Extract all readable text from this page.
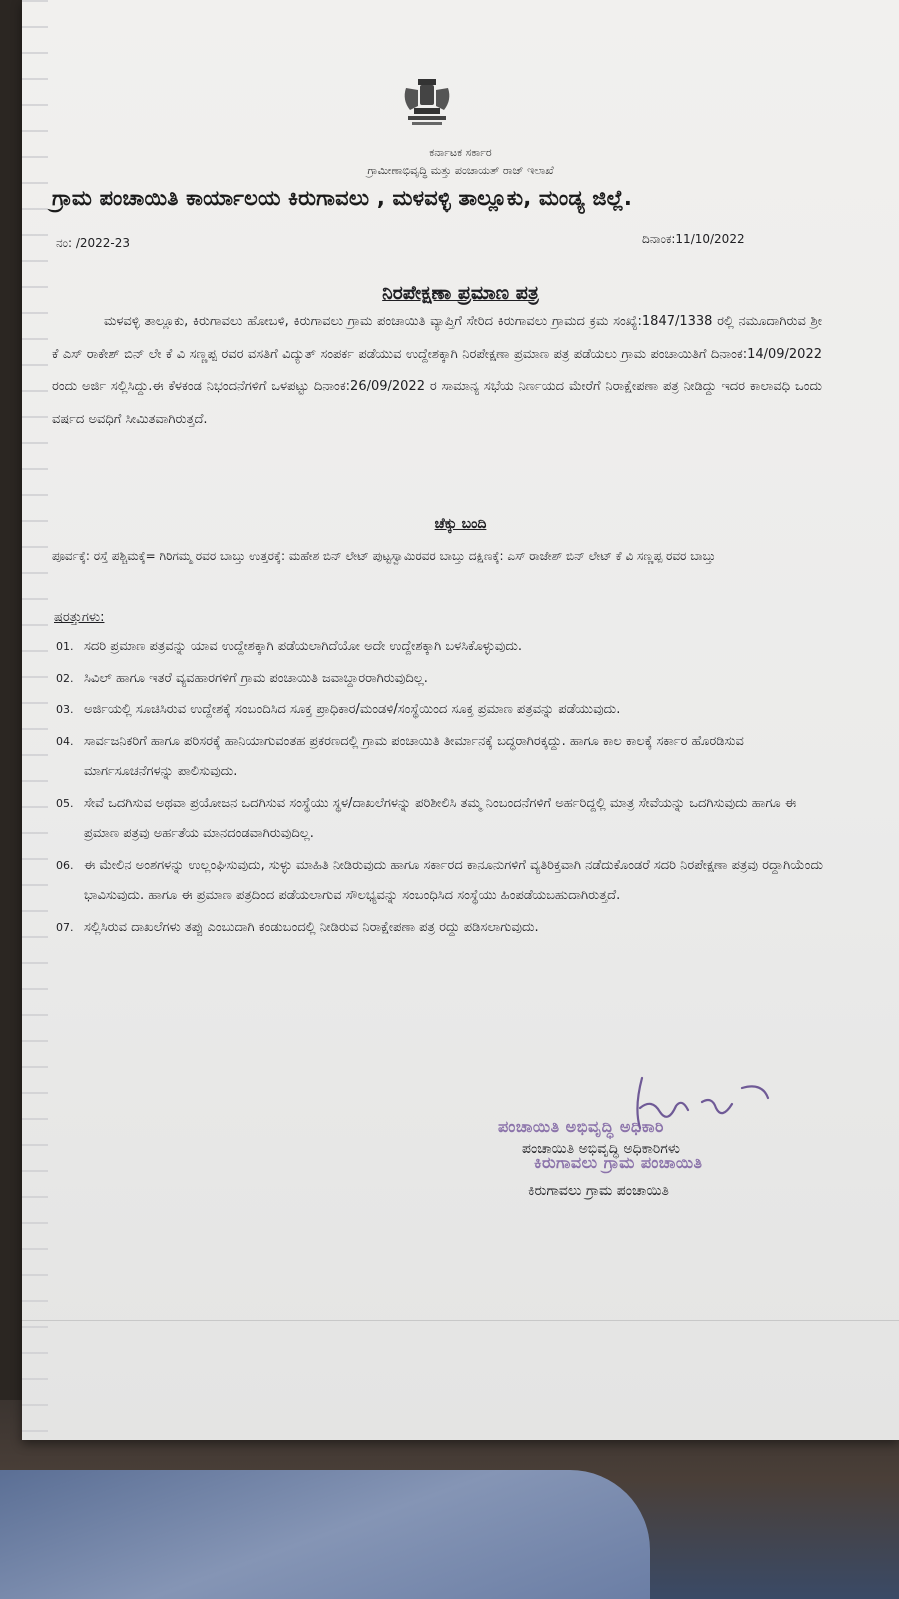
ಕರ್ನಾಟಕ ಸರ್ಕಾರ
ಗ್ರಾಮೀಣಾಭಿವೃದ್ಧಿ ಮತ್ತು ಪಂಚಾಯತ್ ರಾಜ್ ಇಲಾಖೆ
ಗ್ರಾಮ ಪಂಚಾಯಿತಿ ಕಾರ್ಯಾಲಯ ಕಿರುಗಾವಲು , ಮಳವಳ್ಳಿ ತಾಲ್ಲೂಕು, ಮಂಡ್ಯ ಜಿಲ್ಲೆ.
ನಂ: /2022-23	ದಿನಾಂಕ:11/10/2022
ನಿರಪೇಕ್ಷಣಾ ಪ್ರಮಾಣ ಪತ್ರ
ಮಳವಳ್ಳಿ ತಾಲ್ಲೂಕು, ಕಿರುಗಾವಲು ಹೋಬಳಿ, ಕಿರುಗಾವಲು ಗ್ರಾಮ ಪಂಚಾಯಿತಿ ವ್ಯಾಪ್ತಿಗೆ ಸೇರಿದ ಕಿರುಗಾವಲು ಗ್ರಾಮದ ಕ್ರಮ ಸಂಖ್ಯೆ:1847/1338 ರಲ್ಲಿ ನಮೂದಾಗಿರುವ ಶ್ರೀ ಕೆ ಎಸ್ ರಾಕೇಶ್ ಬಿನ್ ಲೇ ಕೆ ವಿ ಸಣ್ಣಪ್ಪ ರವರ ವಸತಿಗೆ ವಿದ್ಯುತ್ ಸಂಪರ್ಕ ಪಡೆಯುವ ಉದ್ದೇಶಕ್ಕಾಗಿ ನಿರಪೇಕ್ಷಣಾ ಪ್ರಮಾಣ ಪತ್ರ ಪಡೆಯಲು ಗ್ರಾಮ ಪಂಚಾಯಿತಿಗೆ ದಿನಾಂಕ:14/09/2022 ರಂದು ಅರ್ಜಿ ಸಲ್ಲಿಸಿದ್ದು.ಈ ಕೆಳಕಂಡ ನಿಭಂದನೆಗಳಿಗೆ ಒಳಪಟ್ಟು ದಿನಾಂಕ:26/09/2022 ರ ಸಾಮಾನ್ಯ ಸಭೆಯ ನಿರ್ಣಯದ ಮೇರೆಗೆ ನಿರಾಕ್ಷೇಪಣಾ ಪತ್ರ ನೀಡಿದ್ದು ಇದರ ಕಾಲಾವಧಿ ಒಂದು ವರ್ಷದ ಅವಧಿಗೆ ಸೀಮಿತವಾಗಿರುತ್ತದೆ.
ಚೆಕ್ಕು ಬಂದಿ
ಪೂರ್ವಕ್ಕೆ: ರಸ್ತೆ ಪಶ್ಚಿಮಕ್ಕೆ= ಗಿರಿಗಮ್ಮ ರವರ ಬಾಬ್ತು ಉತ್ತರಕ್ಕೆ: ಮಹೇಶ ಬಿನ್ ಲೇಟ್ ಪುಟ್ಟಸ್ವಾಮಿರವರ ಬಾಬ್ತು ದಕ್ಷಿಣಕ್ಕೆ: ಎಸ್ ರಾಜೇಶ್ ಬಿನ್ ಲೇಟ್ ಕೆ ವಿ ಸಣ್ಣಪ್ಪ ರವರ ಬಾಬ್ತು
ಷರತ್ತುಗಳು:
01. ಸದರಿ ಪ್ರಮಾಣ ಪತ್ರವನ್ನು ಯಾವ ಉದ್ದೇಶಕ್ಕಾಗಿ ಪಡೆಯಲಾಗಿದೆಯೋ ಅದೇ ಉದ್ದೇಶಕ್ಕಾಗಿ ಬಳಸಿಕೊಳ್ಳುವುದು.
02. ಸಿವಿಲ್ ಹಾಗೂ ಇತರೆ ವ್ಯವಹಾರಗಳಿಗೆ ಗ್ರಾಮ ಪಂಚಾಯಿತಿ ಜವಾಬ್ದಾರರಾಗಿರುವುದಿಲ್ಲ.
03. ಅರ್ಜಿಯಲ್ಲಿ ಸೂಚಿಸಿರುವ ಉದ್ದೇಶಕ್ಕೆ ಸಂಬಂದಿಸಿದ ಸೂಕ್ತ ಪ್ರಾಧಿಕಾರ/ಮಂಡಳಿ/ಸಂಸ್ಥೆಯಿಂದ ಸೂಕ್ತ ಪ್ರಮಾಣ ಪತ್ರವನ್ನು ಪಡೆಯುವುದು.
04. ಸಾರ್ವಜನಿಕರಿಗೆ ಹಾಗೂ ಪರಿಸರಕ್ಕೆ ಹಾನಿಯಾಗುವಂತಹ ಪ್ರಕರಣದಲ್ಲಿ ಗ್ರಾಮ ಪಂಚಾಯಿತಿ ತೀರ್ಮಾನಕ್ಕೆ ಬದ್ಧರಾಗಿರಕ್ಕದ್ದು. ಹಾಗೂ ಕಾಲ ಕಾಲಕ್ಕೆ ಸರ್ಕಾರ ಹೊರಡಿಸುವ ಮಾರ್ಗಸೂಚನೆಗಳನ್ನು ಪಾಲಿಸುವುದು.
05. ಸೇವೆ ಒದಗಿಸುವ ಅಥವಾ ಪ್ರಯೋಜನ ಒದಗಿಸುವ ಸಂಸ್ಥೆಯು ಸ್ಥಳ/ದಾಖಲೆಗಳನ್ನು ಪರಿಶೀಲಿಸಿ ತಮ್ಮ ನಿಂಬಂದನೆಗಳಿಗೆ ಅರ್ಹರಿದ್ದಲ್ಲಿ ಮಾತ್ರ ಸೇವೆಯನ್ನು ಒದಗಿಸುವುದು ಹಾಗೂ ಈ ಪ್ರಮಾಣ ಪತ್ರವು ಅರ್ಹತೆಯ ಮಾನದಂಡವಾಗಿರುವುದಿಲ್ಲ.
06. ಈ ಮೇಲಿನ ಅಂಶಗಳನ್ನು ಉಲ್ಲಂಘಿಸುವುದು, ಸುಳ್ಳು ಮಾಹಿತಿ ನೀಡಿರುವುದು ಹಾಗೂ ಸರ್ಕಾರದ ಕಾನೂನುಗಳಿಗೆ ವ್ಯತಿರಿಕ್ತವಾಗಿ ನಡೆದುಕೊಂಡರೆ ಸದರಿ ನಿರಪೇಕ್ಷಣಾ ಪತ್ರವು ರದ್ದಾಗಿಯೆಂದು ಭಾವಿಸುವುದು. ಹಾಗೂ ಈ ಪ್ರಮಾಣ ಪತ್ರದಿಂದ ಪಡೆಯಲಾಗುವ ಸೌಲಭ್ಯವನ್ನು ಸಂಬಂಧಿಸಿದ ಸಂಸ್ಥೆಯು ಹಿಂಪಡೆಯಬಹುದಾಗಿರುತ್ತದೆ.
07. ಸಲ್ಲಿಸಿರುವ ದಾಖಲೆಗಳು ತಪ್ಪು ಎಂಬುದಾಗಿ ಕಂಡುಬಂದಲ್ಲಿ ನೀಡಿರುವ ನಿರಾಕ್ಷೇಪಣಾ ಪತ್ರ ರದ್ದು ಪಡಿಸಲಾಗುವುದು.
ಪಂಚಾಯಿತಿ ಅಭಿವೃದ್ಧಿ ಅಧಿಕಾರಿ
ಕಿರುಗಾವಲು ಗ್ರಾಮ ಪಂಚಾಯಿತಿ
ಪಂಚಾಯಿತಿ ಅಭಿವೃದ್ಧಿ ಅಧಿಕಾರಿಗಳು
ಕಿರುಗಾವಲು ಗ್ರಾಮ ಪಂಚಾಯಿತಿ
